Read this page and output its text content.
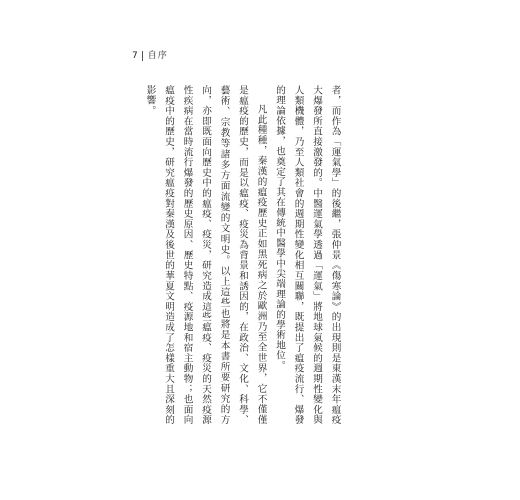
7 自序

者，而作為「運氣學」的後繼，張仲景《傷寒論》的出現則是東漢末年瘟疫大爆發所直接激發的。中醫運氣學透過「運氣」將地球氣候的週期性變化與人類機體，乃至人類社會的週期性變化相互關聯，既提出了瘟疫流行、爆發的理論依據，也奠定了其在傳統中醫學中尖端理論的學術地位。

凡此種種，秦漢的瘟疫歷史正如黑死病之於歐洲乃至全世界，它不僅僅是瘟疫的歷史，而是以瘟疫、疫災為背景和誘因的，在政治、文化、科學、藝術、宗教等諸多方面流變的文明史。以上這些也將是本書所要研究的方向，亦即既面向歷史中的瘟疫、疫災，研究造成這些瘟疫、疫災的天然疫源性疾病在當時流行爆發的歷史原因、歷史特點、疫源地和宿主動物；也面向瘟疫中的歷史，研究瘟疫對秦漢及後世的華夏文明造成了怎樣重大且深刻的影響。
